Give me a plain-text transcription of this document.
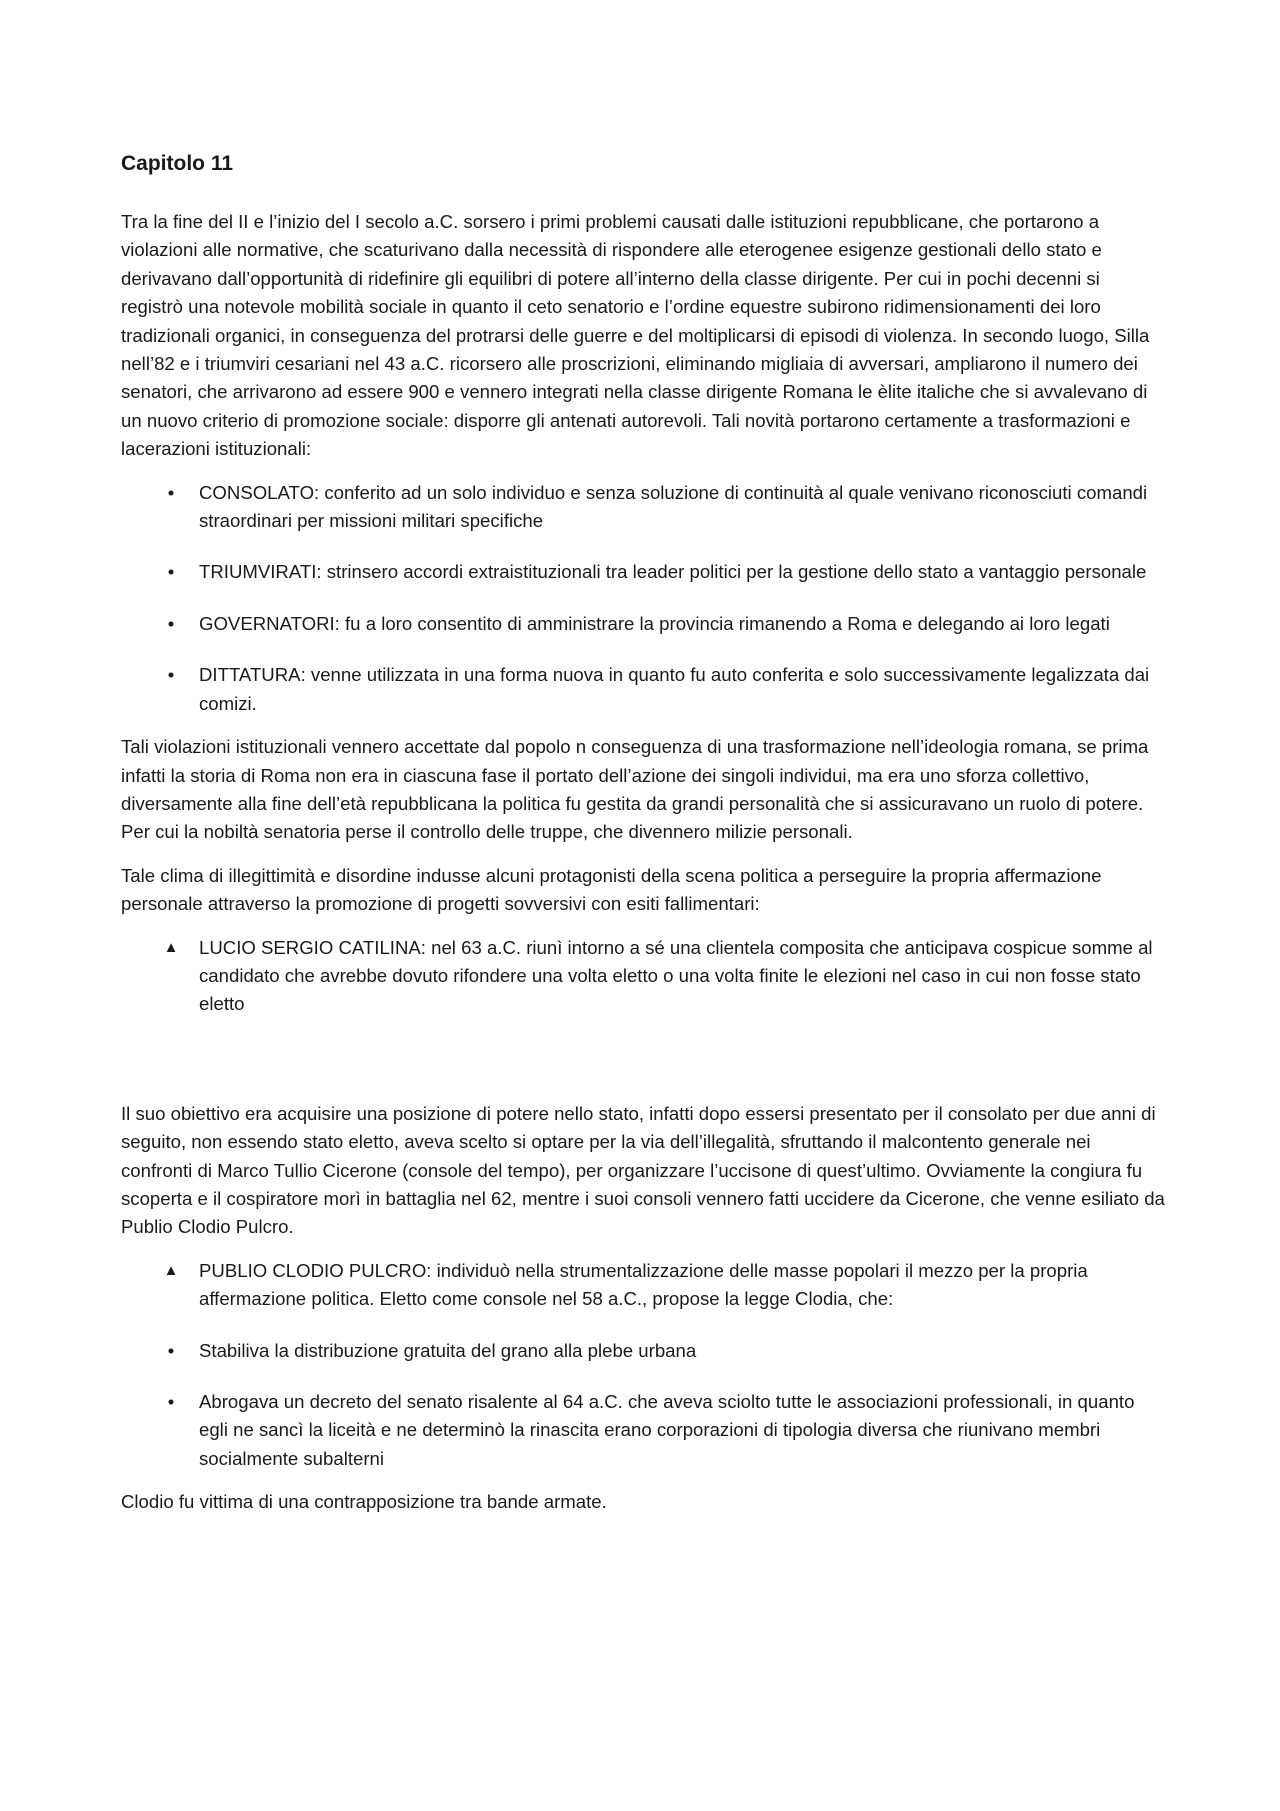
Capitolo 11

Tra la fine del II e l’inizio del I secolo a.C. sorsero i primi problemi causati dalle istituzioni repubblicane, che portarono a violazioni alle normative, che scaturivano dalla necessità di rispondere alle eterogenee esigenze gestionali dello stato e derivavano dall’opportunità di ridefinire gli equilibri di potere all’interno della classe dirigente. Per cui in pochi decenni si registrò una notevole mobilità sociale in quanto il ceto senatorio e l’ordine equestre subirono ridimensionamenti dei loro tradizionali organici, in conseguenza del protrarsi delle guerre e del moltiplicarsi di episodi di violenza. In secondo luogo, Silla nell’82 e i triumviri cesariani nel 43 a.C. ricorsero alle proscrizioni, eliminando migliaia di avversari, ampliarono il numero dei senatori, che arrivarono ad essere 900 e vennero integrati nella classe dirigente Romana le èlite italiche che si avvalevano di un nuovo criterio di promozione sociale: disporre gli antenati autorevoli. Tali novità portarono certamente a trasformazioni e lacerazioni istituzionali:

•	CONSOLATO: conferito ad un solo individuo e senza soluzione di continuità al quale venivano riconosciuti comandi straordinari per missioni militari specifiche
•	TRIUMVIRATI: strinsero accordi extraistituzionali tra leader politici per la gestione dello stato a vantaggio personale
•	GOVERNATORI: fu a loro consentito di amministrare la provincia rimanendo a Roma e delegando ai loro legati
•	DITTATURA: venne utilizzata in una forma nuova in quanto fu auto conferita e solo successivamente legalizzata dai comizi.

Tali violazioni istituzionali vennero accettate dal popolo n conseguenza di una trasformazione nell’ideologia romana, se prima infatti la storia di Roma non era in ciascuna fase il portato dell’azione dei singoli individui, ma era uno sforza collettivo, diversamente alla fine dell’età repubblicana la politica fu gestita da grandi personalità che si assicuravano un ruolo di potere. Per cui la nobiltà senatoria perse il controllo delle truppe, che divennero milizie personali.

Tale clima di illegittimità e disordine indusse alcuni protagonisti della scena politica a perseguire la propria affermazione personale attraverso la promozione di progetti sovversivi con esiti fallimentari:

▲ LUCIO SERGIO CATILINA: nel 63 a.C. riunì intorno a sé una clientela composita che anticipava cospicue somme al candidato che avrebbe dovuto rifondere una volta eletto o una volta finite le elezioni nel caso in cui non fosse stato eletto

Il suo obiettivo era acquisire una posizione di potere nello stato, infatti dopo essersi presentato per il consolato per due anni di seguito, non essendo stato eletto, aveva scelto si optare per la via dell’illegalità, sfruttando il malcontento generale nei confronti di Marco Tullio Cicerone (console del tempo), per organizzare l’uccisone di quest’ultimo. Ovviamente la congiura fu scoperta e il cospiratore morì in battaglia nel 62, mentre i suoi consoli vennero fatti uccidere da Cicerone, che venne esiliato da Publio Clodio Pulcro.

▲ PUBLIO CLODIO PULCRO: individuò nella strumentalizzazione delle masse popolari il mezzo per la propria affermazione politica. Eletto come console nel 58 a.C., propose la legge Clodia, che:
•	Stabiliva la distribuzione gratuita del grano alla plebe urbana
•	Abrogava un decreto del senato risalente al 64 a.C. che aveva sciolto tutte le associazioni professionali, in quanto egli ne sancì la liceità e ne determinò la rinascita erano corporazioni di tipologia diversa che riunivano membri socialmente subalterni

Clodio fu vittima di una contrapposizione tra bande armate.
